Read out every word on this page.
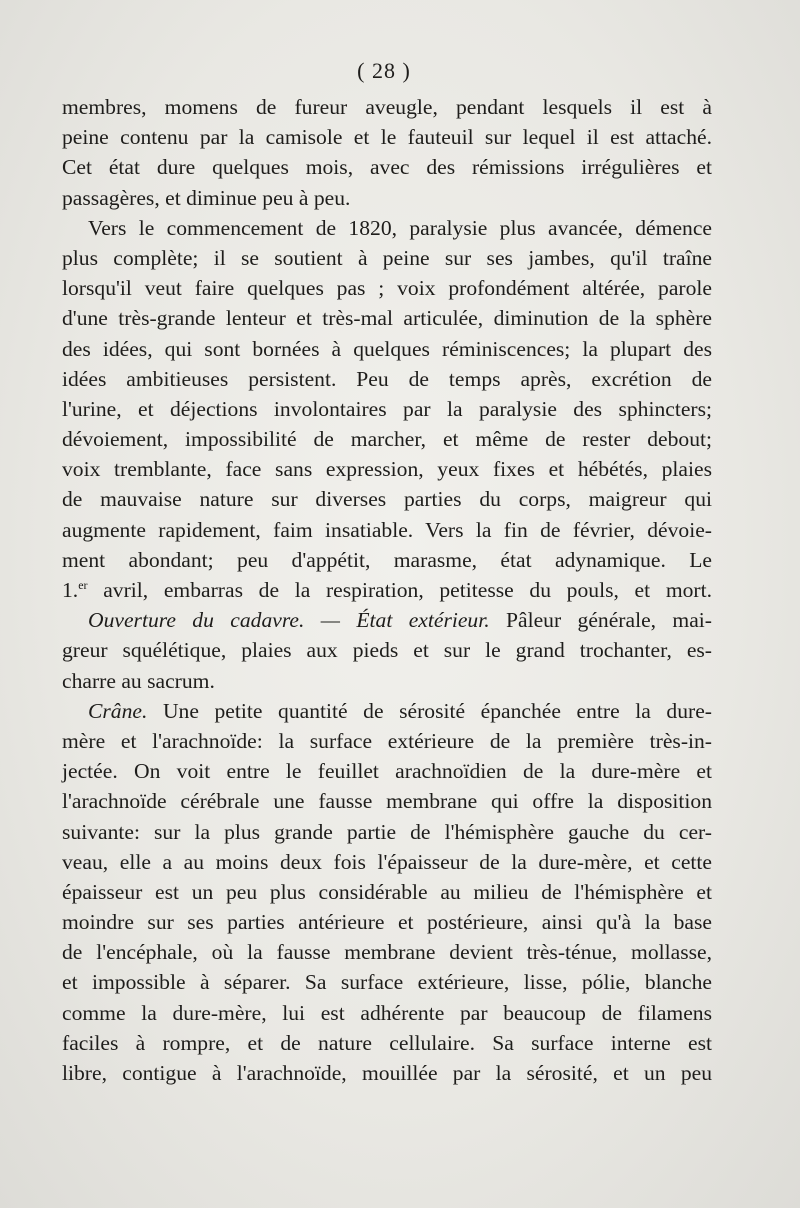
( 28 )
membres, momens de fureur aveugle, pendant lesquels il est à
peine contenu par la camisole et le fauteuil sur lequel il est attaché.
Cet état dure quelques mois, avec des rémissions irrégulières et
passagères, et diminue peu à peu.
Vers le commencement de 1820, paralysie plus avancée, démence
plus complète; il se soutient à peine sur ses jambes, qu'il traîne
lorsqu'il veut faire quelques pas ; voix profondément altérée, parole
d'une très-grande lenteur et très-mal articulée, diminution de la sphère
des idées, qui sont bornées à quelques réminiscences; la plupart des
idées ambitieuses persistent. Peu de temps après, excrétion de
l'urine, et déjections involontaires par la paralysie des sphincters;
dévoiement, impossibilité de marcher, et même de rester debout;
voix tremblante, face sans expression, yeux fixes et hébétés, plaies
de mauvaise nature sur diverses parties du corps, maigreur qui
augmente rapidement, faim insatiable. Vers la fin de février, dévoie-
ment abondant; peu d'appétit, marasme, état adynamique. Le
1.$^{er}$ avril, embarras de la respiration, petitesse du pouls, et mort.
Ouverture du cadavre. — État extérieur. Pâleur générale, mai-
greur squélétique, plaies aux pieds et sur le grand trochanter, es-
charre au sacrum.
Crâne. Une petite quantité de sérosité épanchée entre la dure-
mère et l'arachnoïde: la surface extérieure de la première très-in-
jectée. On voit entre le feuillet arachnoïdien de la dure-mère et
l'arachnoïde cérébrale une fausse membrane qui offre la disposition
suivante: sur la plus grande partie de l'hémisphère gauche du cer-
veau, elle a au moins deux fois l'épaisseur de la dure-mère, et cette
épaisseur est un peu plus considérable au milieu de l'hémisphère et
moindre sur ses parties antérieure et postérieure, ainsi qu'à la base
de l'encéphale, où la fausse membrane devient très-ténue, mollasse,
et impossible à séparer. Sa surface extérieure, lisse, pólie, blanche
comme la dure-mère, lui est adhérente par beaucoup de filamens
faciles à rompre, et de nature cellulaire. Sa surface interne est
libre, contigue à l'arachnoïde, mouillée par la sérosité, et un peu
